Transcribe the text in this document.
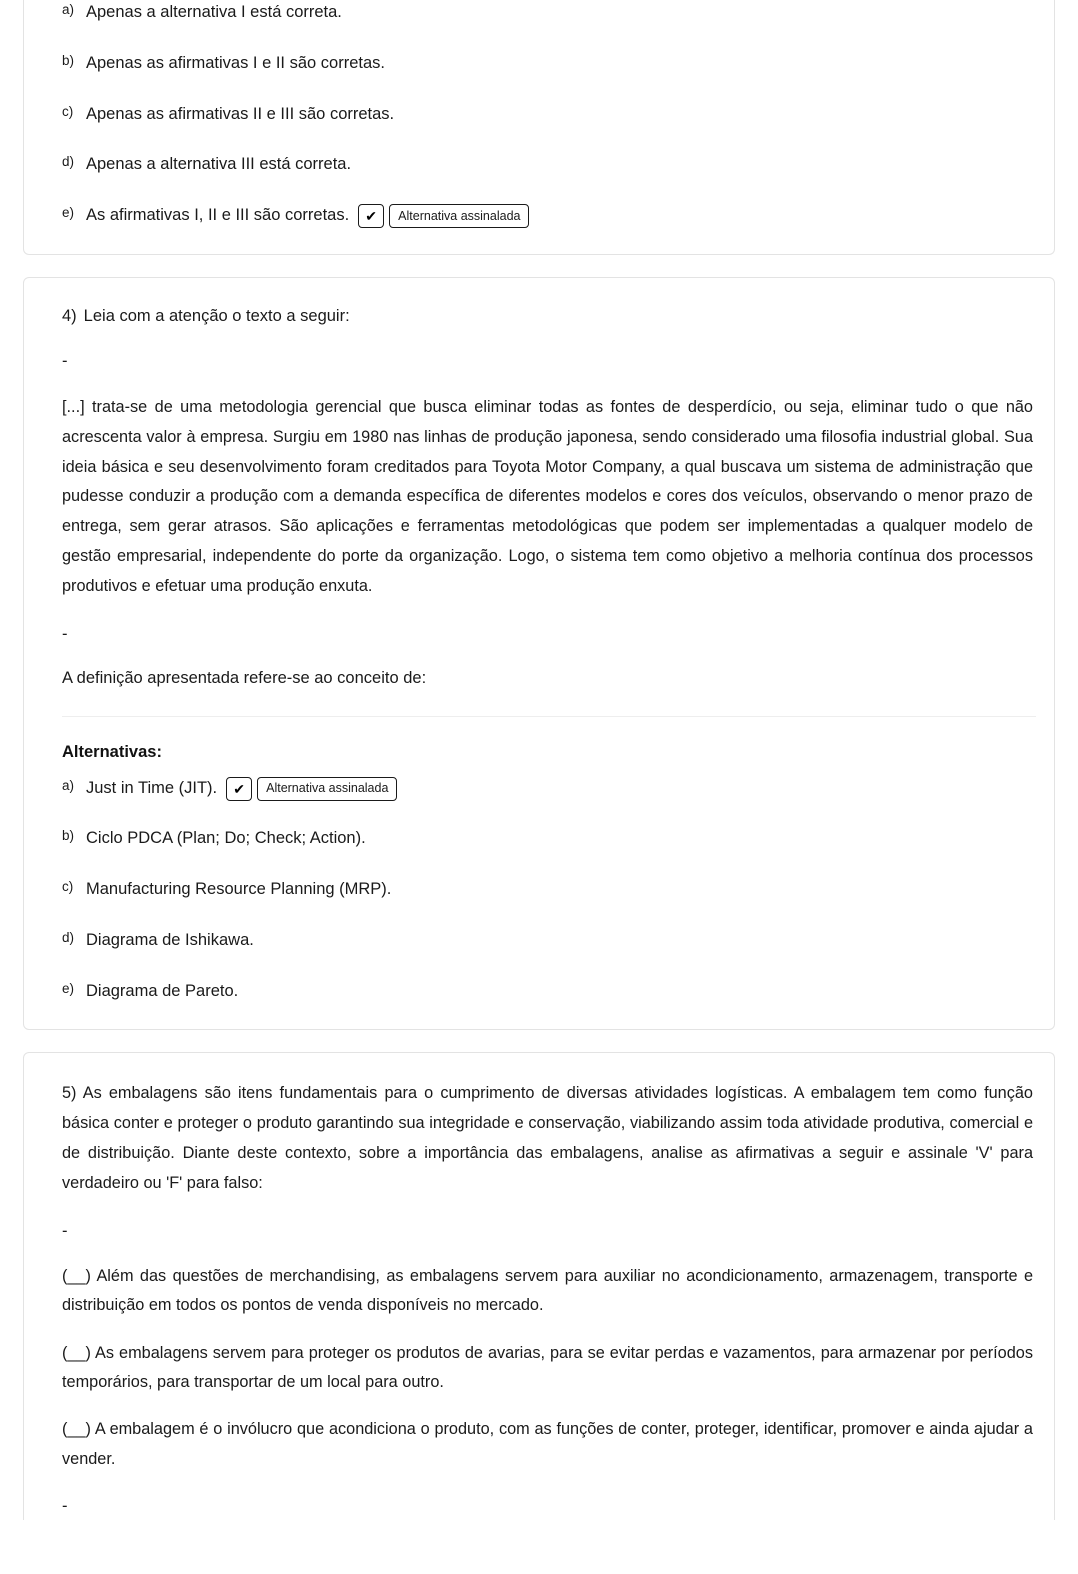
a) Apenas a alternativa I está correta.
b) Apenas as afirmativas I e II são corretas.
c) Apenas as afirmativas II e III são corretas.
d) Apenas a alternativa III está correta.
e) As afirmativas I, II e III são corretas.	✔	Alternativa assinalada

4) Leia com a atenção o texto a seguir:

-

[...] trata-se de uma metodologia gerencial que busca eliminar todas as fontes de desperdício, ou seja, eliminar tudo o que não acrescenta valor à empresa. Surgiu em 1980 nas linhas de produção japonesa, sendo considerado uma filosofia industrial global. Sua ideia básica e seu desenvolvimento foram creditados para Toyota Motor Company, a qual buscava um sistema de administração que pudesse conduzir a produção com a demanda específica de diferentes modelos e cores dos veículos, observando o menor prazo de entrega, sem gerar atrasos. São aplicações e ferramentas metodológicas que podem ser implementadas a qualquer modelo de gestão empresarial, independente do porte da organização. Logo, o sistema tem como objetivo a melhoria contínua dos processos produtivos e efetuar uma produção enxuta.

-

A definição apresentada refere-se ao conceito de:

Alternativas:

a) Just in Time (JIT).	✔	Alternativa assinalada
b) Ciclo PDCA (Plan; Do; Check; Action).
c) Manufacturing Resource Planning (MRP).
d) Diagrama de Ishikawa.
e) Diagrama de Pareto.

5) As embalagens são itens fundamentais para o cumprimento de diversas atividades logísticas. A embalagem tem como função básica conter e proteger o produto garantindo sua integridade e conservação, viabilizando assim toda atividade produtiva, comercial e de distribuição. Diante deste contexto, sobre a importância das embalagens, analise as afirmativas a seguir e assinale 'V' para verdadeiro ou 'F' para falso:

-

(__) Além das questões de merchandising, as embalagens servem para auxiliar no acondicionamento, armazenagem, transporte e distribuição em todos os pontos de venda disponíveis no mercado.
(__) As embalagens servem para proteger os produtos de avarias, para se evitar perdas e vazamentos, para armazenar por períodos temporários, para transportar de um local para outro.
(__) A embalagem é o invólucro que acondiciona o produto, com as funções de conter, proteger, identificar, promover e ainda ajudar a vender.

-
